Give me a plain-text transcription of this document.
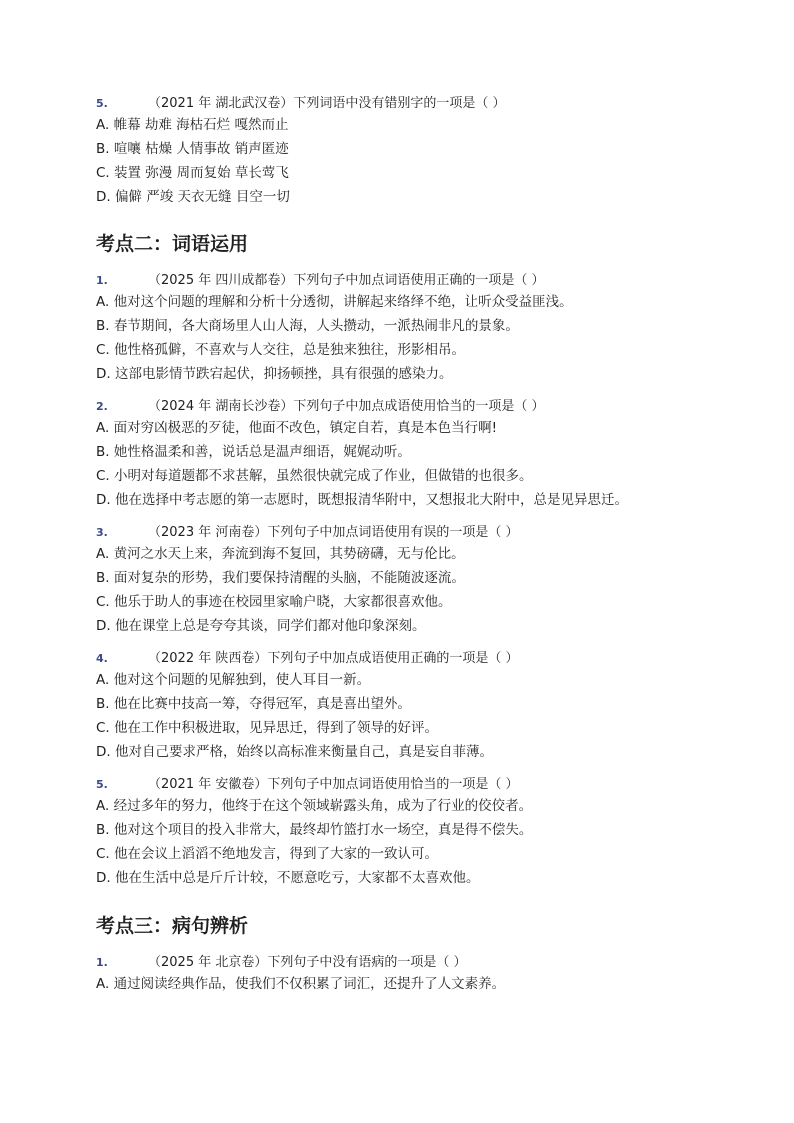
5.	（2021 年 湖北武汉卷）下列词语中没有错别字的一项是（ ）
A. 帷幕 劫难 海枯石烂 嘎然而止
B. 喧嚷 枯燥 人情事故 销声匿迹
C. 装置 弥漫 周而复始 草长莺飞
D. 偏僻 严竣 天衣无缝 目空一切
考点二：词语运用
1.	（2025 年 四川成都卷）下列句子中加点词语使用正确的一项是（ ）
A. 他对这个问题的理解和分析十分透彻，讲解起来络绎不绝，让听众受益匪浅。
B. 春节期间，各大商场里人山人海，人头攒动，一派热闹非凡的景象。
C. 他性格孤僻，不喜欢与人交往，总是独来独往，形影相吊。
D. 这部电影情节跌宕起伏，抑扬顿挫，具有很强的感染力。
2.	（2024 年 湖南长沙卷）下列句子中加点成语使用恰当的一项是（ ）
A. 面对穷凶极恶的歹徒，他面不改色，镇定自若，真是本色当行啊!
B. 她性格温柔和善，说话总是温声细语，娓娓动听。
C. 小明对每道题都不求甚解，虽然很快就完成了作业，但做错的也很多。
D. 他在选择中考志愿的第一志愿时，既想报清华附中，又想报北大附中，总是见异思迁。
3.	（2023 年 河南卷）下列句子中加点词语使用有误的一项是（ ）
A. 黄河之水天上来，奔流到海不复回，其势磅礴，无与伦比。
B. 面对复杂的形势，我们要保持清醒的头脑，不能随波逐流。
C. 他乐于助人的事迹在校园里家喻户晓，大家都很喜欢他。
D. 他在课堂上总是夸夸其谈，同学们都对他印象深刻。
4.	（2022 年 陕西卷）下列句子中加点成语使用正确的一项是（ ）
A. 他对这个问题的见解独到，使人耳目一新。
B. 他在比赛中技高一筹，夺得冠军，真是喜出望外。
C. 他在工作中积极进取，见异思迁，得到了领导的好评。
D. 他对自己要求严格，始终以高标准来衡量自己，真是妄自菲薄。
5.	（2021 年 安徽卷）下列句子中加点词语使用恰当的一项是（ ）
A. 经过多年的努力，他终于在这个领域崭露头角，成为了行业的佼佼者。
B. 他对这个项目的投入非常大，最终却竹篮打水一场空，真是得不偿失。
C. 他在会议上滔滔不绝地发言，得到了大家的一致认可。
D. 他在生活中总是斤斤计较，不愿意吃亏，大家都不太喜欢他。
考点三：病句辨析
1.	（2025 年 北京卷）下列句子中没有语病的一项是（ ）
A. 通过阅读经典作品，使我们不仅积累了词汇，还提升了人文素养。
